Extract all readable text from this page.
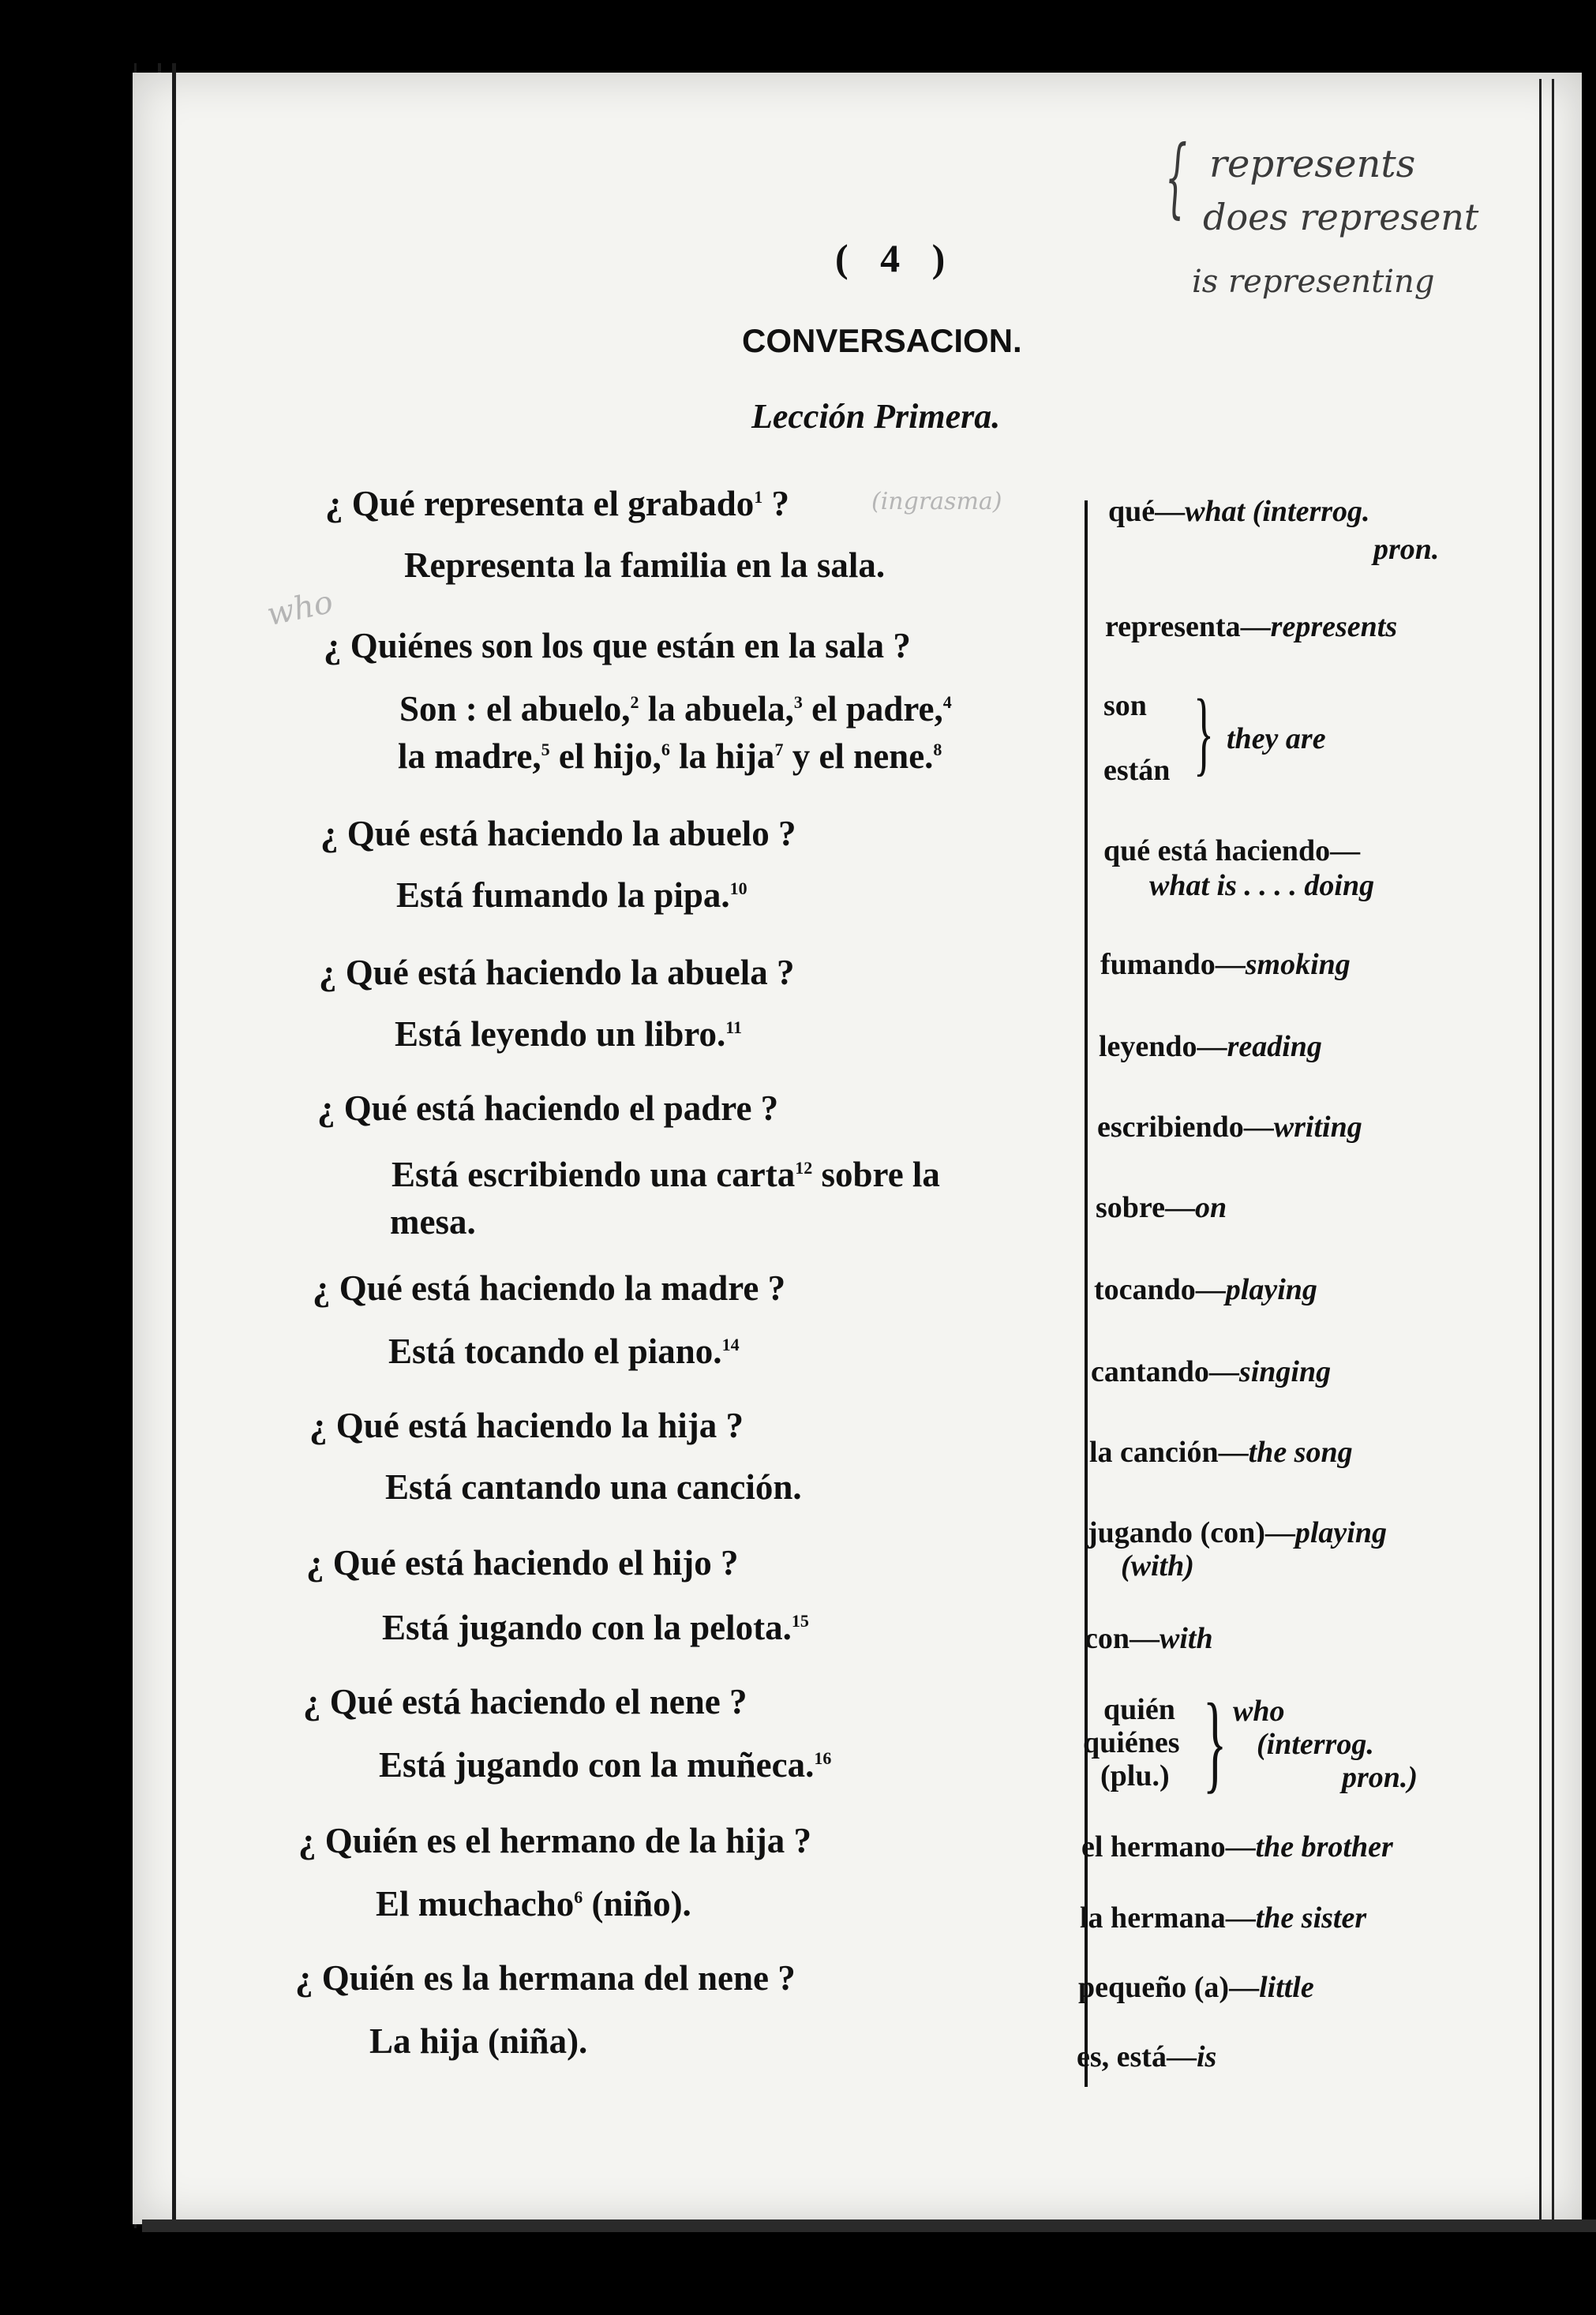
( 4 )
CONVERSACION.
Lección Primera.
{ represents
does represent
is representing
(ingrasma)
who
¿ Qué representa el grabado$^1$ ?
Representa la familia en la sala.
¿ Quiénes son los que están en la sala ?
Son : el abuelo,$^2$ la abuela,$^3$ el padre,$^4$
la madre,$^5$ el hijo,$^6$ la hija$^7$ y el nene.$^8$
¿ Qué está haciendo la abuelo ?
Está fumando la pipa.$^{10}$
¿ Qué está haciendo la abuela ?
Está leyendo un libro.$^{11}$
¿ Qué está haciendo el padre ?
Está escribiendo una carta$^{12}$ sobre la
mesa.
¿ Qué está haciendo la madre ?
Está tocando el piano.$^{14}$
¿ Qué está haciendo la hija ?
Está cantando una canción.
¿ Qué está haciendo el hijo ?
Está jugando con la pelota.$^{15}$
¿ Qué está haciendo el nene ?
Está jugando con la muñeca.$^{16}$
¿ Quién es el hermano de la hija ?
El muchacho$^6$ (niño).
¿ Quién es la hermana del nene ?
La hija (niña).
qué—what (interrog.
pron.
representa—represents
son
están } they are
qué está haciendo—
what is . . . . doing
fumando—smoking
leyendo—reading
escribiendo—writing
sobre—on
tocando—playing
cantando—singing
la canción—the song
jugando (con)—playing
(with)
con—with
quién
quiénes
(plu.) } who
(interrog.
pron.)
el hermano—the brother
la hermana—the sister
pequeño (a)—little
es, está—is
